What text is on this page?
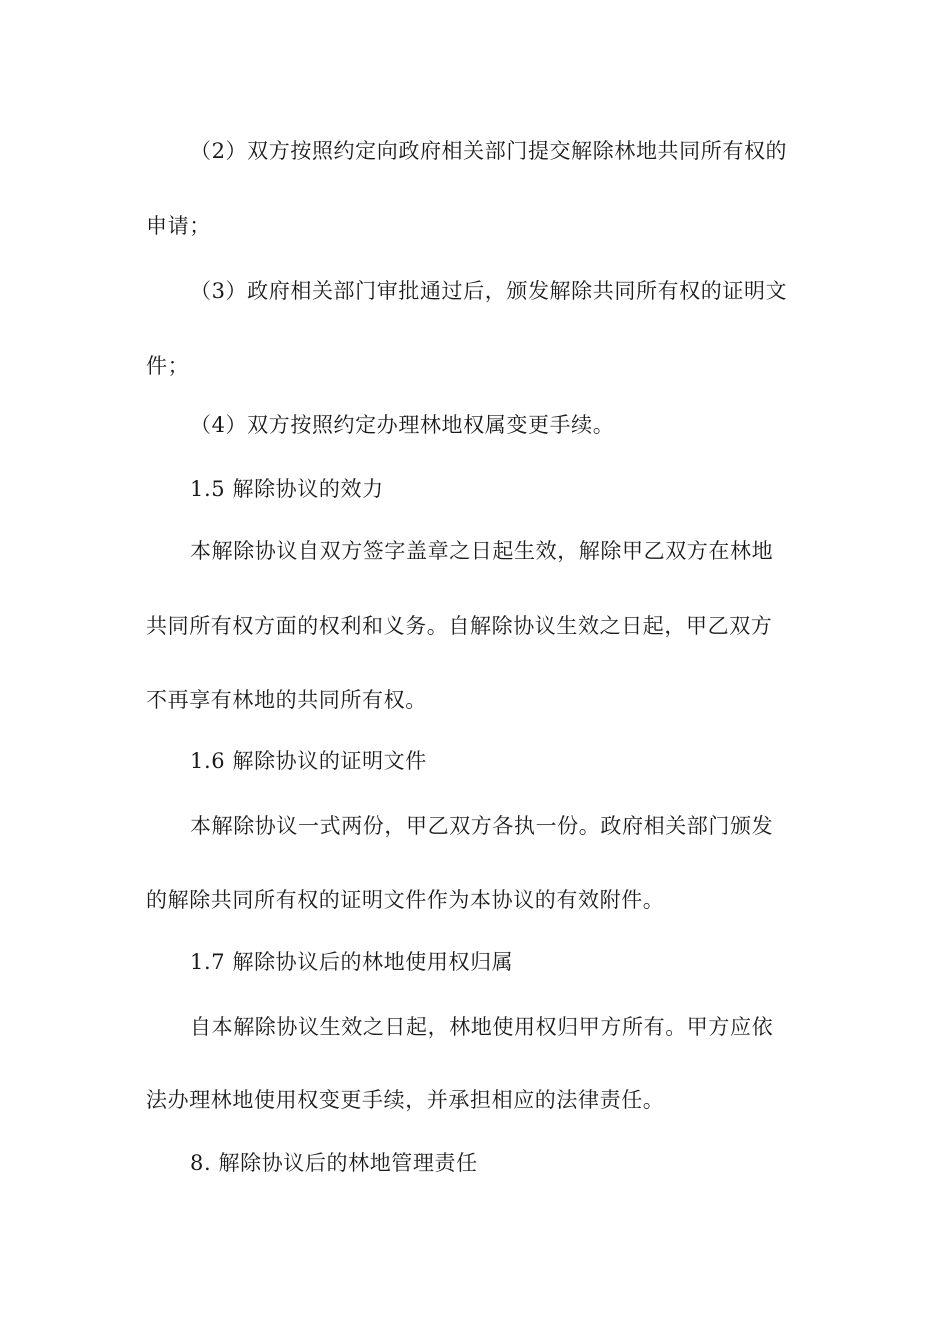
（2）双方按照约定向政府相关部门提交解除林地共同所有权的
申请；
（3）政府相关部门审批通过后，颁发解除共同所有权的证明文
件；
（4）双方按照约定办理林地权属变更手续。
1.5 解除协议的效力
本解除协议自双方签字盖章之日起生效，解除甲乙双方在林地
共同所有权方面的权利和义务。自解除协议生效之日起，甲乙双方
不再享有林地的共同所有权。
1.6 解除协议的证明文件
本解除协议一式两份，甲乙双方各执一份。政府相关部门颁发
的解除共同所有权的证明文件作为本协议的有效附件。
1.7 解除协议后的林地使用权归属
自本解除协议生效之日起，林地使用权归甲方所有。甲方应依
法办理林地使用权变更手续，并承担相应的法律责任。
8. 解除协议后的林地管理责任
